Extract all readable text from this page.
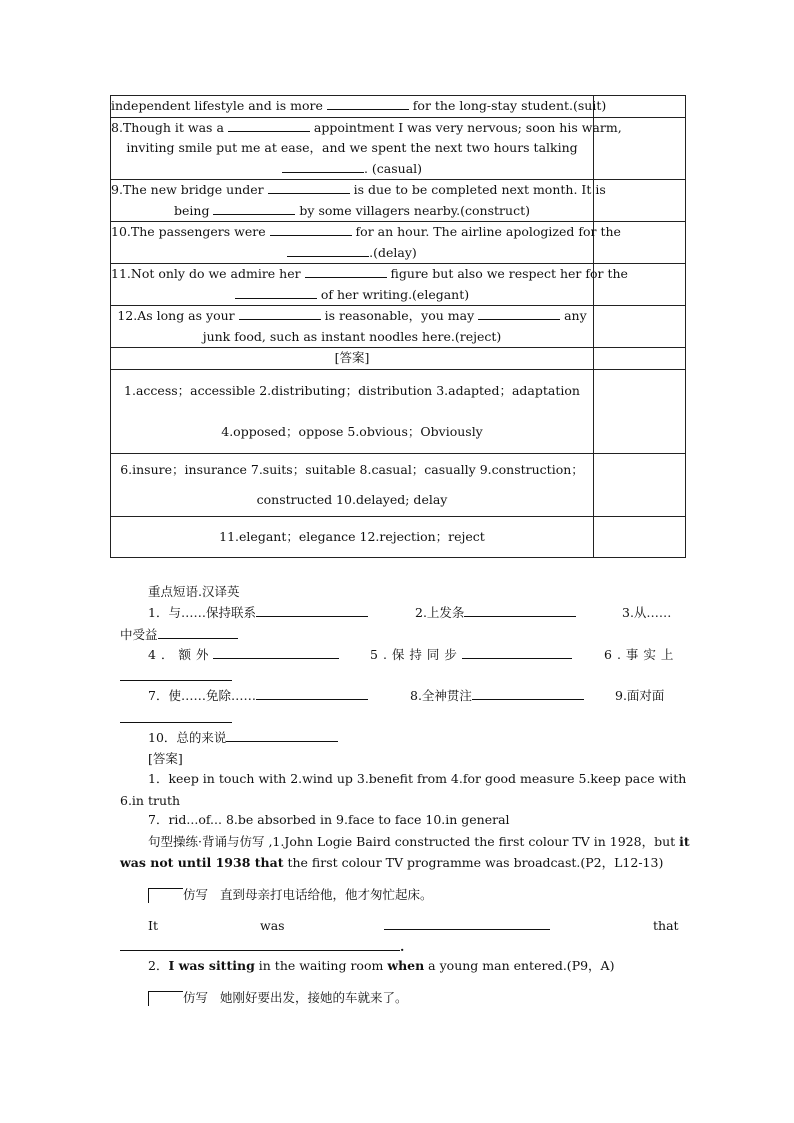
independent lifestyle and is more for the long-stay student.(suit)	

8.Though it was a appointment I was very nervous; soon his warm,
inviting smile put me at ease，and we spent the next two hours talking
. (casual)	

9.The new bridge under is due to be completed next month. It is
being by some villagers nearby.(construct)	

10.The passengers were for an hour. The airline apologized for the
.(delay)	

11.Not only do we admire her figure but also we respect her for the
of her writing.(elegant)	

12.As long as your is reasonable，you may any
junk food, such as instant noodles here.(reject)	

[答案]	

1.access；accessible 2.distributing；distribution 3.adapted；adaptation
4.opposed；oppose 5.obvious；Obviously	

6.insure；insurance 7.suits；suitable 8.casual；casually 9.construction；
constructed 10.delayed; delay	

11.elegant；elegance 12.rejection；reject	

重点短语.汉译英
1．与……保持联系	2.上发条	3.从……
中受益
4．额外	5.保持同步	6.事实上
7．使……免除……	8.全神贯注	9.面对面
10．总的来说
[答案]
1．keep in touch with 2.wind up 3.benefit from 4.for good measure 5.keep pace with
6.in truth
7．rid...of... 8.be absorbed in 9.face to face 10.in general
句型操练·背诵与仿写 ,1.John Logie Baird constructed the first colour TV in 1928，but it
was not until 1938 that the first colour TV programme was broadcast.(P2，L12-13)
仿写 直到母亲打电话给他，他才匆忙起床。
It	was	that
.
2．I was sitting in the waiting room when a young man entered.(P9，A)
仿写 她刚好要出发，接她的车就来了。
